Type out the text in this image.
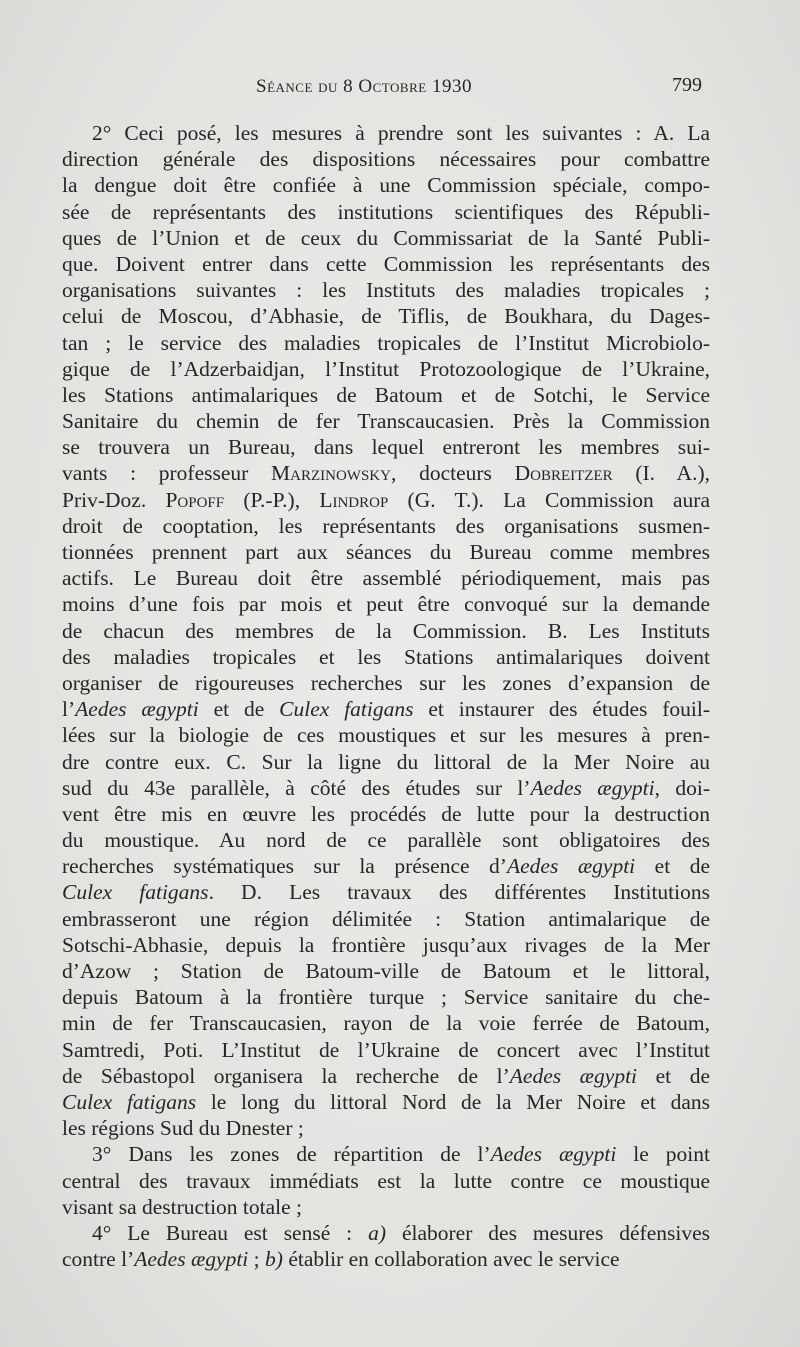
Séance du 8 Octobre 1930	799
2° Ceci posé, les mesures à prendre sont les suivantes : A. La
direction générale des dispositions nécessaires pour combattre
la dengue doit être confiée à une Commission spéciale, compo-
sée de représentants des institutions scientifiques des Républi-
ques de l’Union et de ceux du Commissariat de la Santé Publi-
que. Doivent entrer dans cette Commission les représentants des
organisations suivantes : les Instituts des maladies tropicales ;
celui de Moscou, d’Abhasie, de Tiflis, de Boukhara, du Dages-
tan ; le service des maladies tropicales de l’Institut Microbiolo-
gique de l’Adzerbaidjan, l’Institut Protozoologique de l’Ukraine,
les Stations antimalariques de Batoum et de Sotchi, le Service
Sanitaire du chemin de fer Transcaucasien. Près la Commission
se trouvera un Bureau, dans lequel entreront les membres sui-
vants : professeur Marzinowsky, docteurs Dobreitzer (I. A.),
Priv-Doz. Popoff (P.-P.), Lindrop (G. T.). La Commission aura
droit de cooptation, les représentants des organisations susmen-
tionnées prennent part aux séances du Bureau comme membres
actifs. Le Bureau doit être assemblé périodiquement, mais pas
moins d’une fois par mois et peut être convoqué sur la demande
de chacun des membres de la Commission. B. Les Instituts
des maladies tropicales et les Stations antimalariques doivent
organiser de rigoureuses recherches sur les zones d’expansion de
l’Aedes ægypti et de Culex fatigans et instaurer des études fouil-
lées sur la biologie de ces moustiques et sur les mesures à pren-
dre contre eux. C. Sur la ligne du littoral de la Mer Noire au
sud du 43e parallèle, à côté des études sur l’Aedes ægypti, doi-
vent être mis en œuvre les procédés de lutte pour la destruction
du moustique. Au nord de ce parallèle sont obligatoires des
recherches systématiques sur la présence d’Aedes ægypti et de
Culex fatigans. D. Les travaux des différentes Institutions
embrasseront une région délimitée : Station antimalarique de
Sotschi-Abhasie, depuis la frontière jusqu’aux rivages de la Mer
d’Azow ; Station de Batoum-ville de Batoum et le littoral,
depuis Batoum à la frontière turque ; Service sanitaire du che-
min de fer Transcaucasien, rayon de la voie ferrée de Batoum,
Samtredi, Poti. L’Institut de l’Ukraine de concert avec l’Institut
de Sébastopol organisera la recherche de l’Aedes ægypti et de
Culex fatigans le long du littoral Nord de la Mer Noire et dans
les régions Sud du Dnester ;
3° Dans les zones de répartition de l’Aedes ægypti le point
central des travaux immédiats est la lutte contre ce moustique
visant sa destruction totale ;
4° Le Bureau est sensé : a) élaborer des mesures défensives
contre l’Aedes ægypti ; b) établir en collaboration avec le service
